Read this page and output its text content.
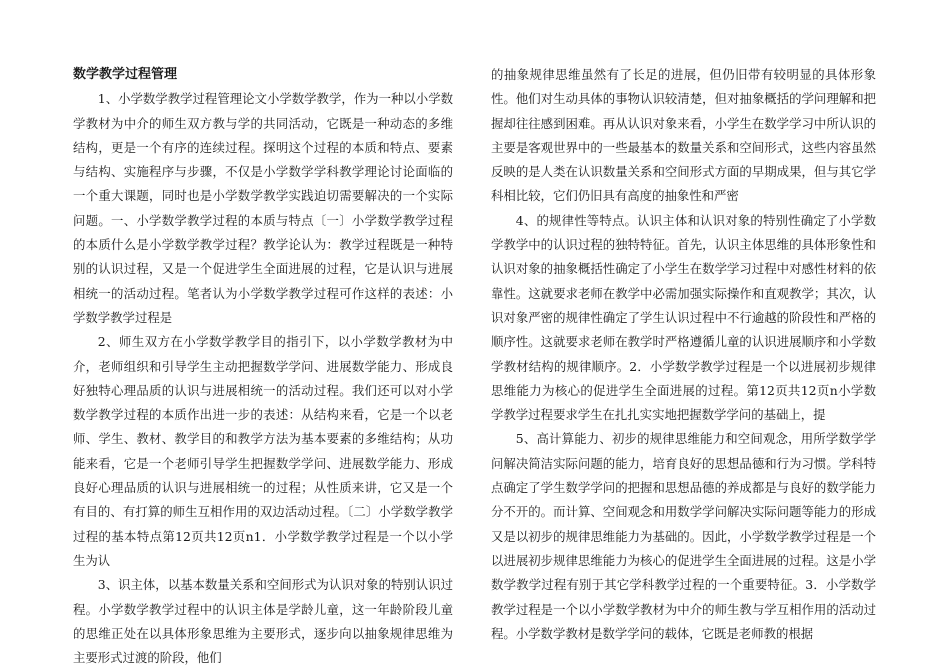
数学教学过程管理

1、小学数学教学过程管理论文小学数学教学，作为一种以小学数学教材为中介的师生双方教与学的共同活动，它既是一种动态的多维结构，更是一个有序的连续过程。探明这个过程的本质和特点、要素与结构、实施程序与步骤，不仅是小学数学学科教学理论讨论面临的一个重大课题，同时也是小学数学教学实践迫切需要解决的一个实际问题。一、小学数学教学过程的本质与特点〔一〕小学数学教学过程的本质什么是小学数学教学过程？教学论认为：教学过程既是一种特别的认识过程，又是一个促进学生全面进展的过程，它是认识与进展相统一的活动过程。笔者认为小学数学教学过程可作这样的表述：小学数学教学过程是

2、师生双方在小学数学教学目的指引下，以小学数学教材为中介，老师组织和引导学生主动把握数学学问、进展数学能力、形成良好独特心理品质的认识与进展相统一的活动过程。我们还可以对小学数学教学过程的本质作出进一步的表述：从结构来看，它是一个以老师、学生、教材、教学目的和教学方法为基本要素的多维结构；从功能来看，它是一个老师引导学生把握数学学问、进展数学能力、形成良好心理品质的认识与进展相统一的过程；从性质来讲，它又是一个有目的、有打算的师生互相作用的双边活动过程。〔二〕小学数学教学过程的基本特点第12页共12页n1．小学数学教学过程是一个以小学生为认

3、识主体，以基本数量关系和空间形式为认识对象的特别认识过程。小学数学教学过程中的认识主体是学龄儿童，这一年龄阶段儿童的思维正处在以具体形象思维为主要形式，逐步向以抽象规律思维为主要形式过渡的阶段，他们

的抽象规律思维虽然有了长足的进展，但仍旧带有较明显的具体形象性。他们对生动具体的事物认识较清楚，但对抽象概括的学问理解和把握却往往感到困难。再从认识对象来看，小学生在数学学习中所认识的主要是客观世界中的一些最基本的数量关系和空间形式，这些内容虽然反映的是人类在认识数量关系和空间形式方面的早期成果，但与其它学科相比较，它们仍旧具有高度的抽象性和严密

4、的规律性等特点。认识主体和认识对象的特别性确定了小学数学教学中的认识过程的独特特征。首先，认识主体思维的具体形象性和认识对象的抽象概括性确定了小学生在数学学习过程中对感性材料的依靠性。这就要求老师在教学中必需加强实际操作和直观教学；其次，认识对象严密的规律性确定了学生认识过程中不行逾越的阶段性和严格的顺序性。这就要求老师在教学时严格遵循儿童的认识进展顺序和小学数学教材结构的规律顺序。2．小学数学教学过程是一个以进展初步规律思维能力为核心的促进学生全面进展的过程。第12页共12页n小学数学教学过程要求学生在扎扎实实地把握数学学问的基础上，提

5、高计算能力、初步的规律思维能力和空间观念，用所学数学学问解决简洁实际问题的能力，培育良好的思想品德和行为习惯。学科特点确定了学生数学学问的把握和思想品德的养成都是与良好的数学能力分不开的。而计算、空间观念和用数学学问解决实际问题等能力的形成又是以初步的规律思维能力为基础的。因此，小学数学教学过程是一个以进展初步规律思维能力为核心的促进学生全面进展的过程。这是小学数学教学过程有别于其它学科教学过程的一个重要特征。3．小学数学教学过程是一个以小学数学教材为中介的师生教与学互相作用的活动过程。小学数学教材是数学学问的载体，它既是老师教的根据
